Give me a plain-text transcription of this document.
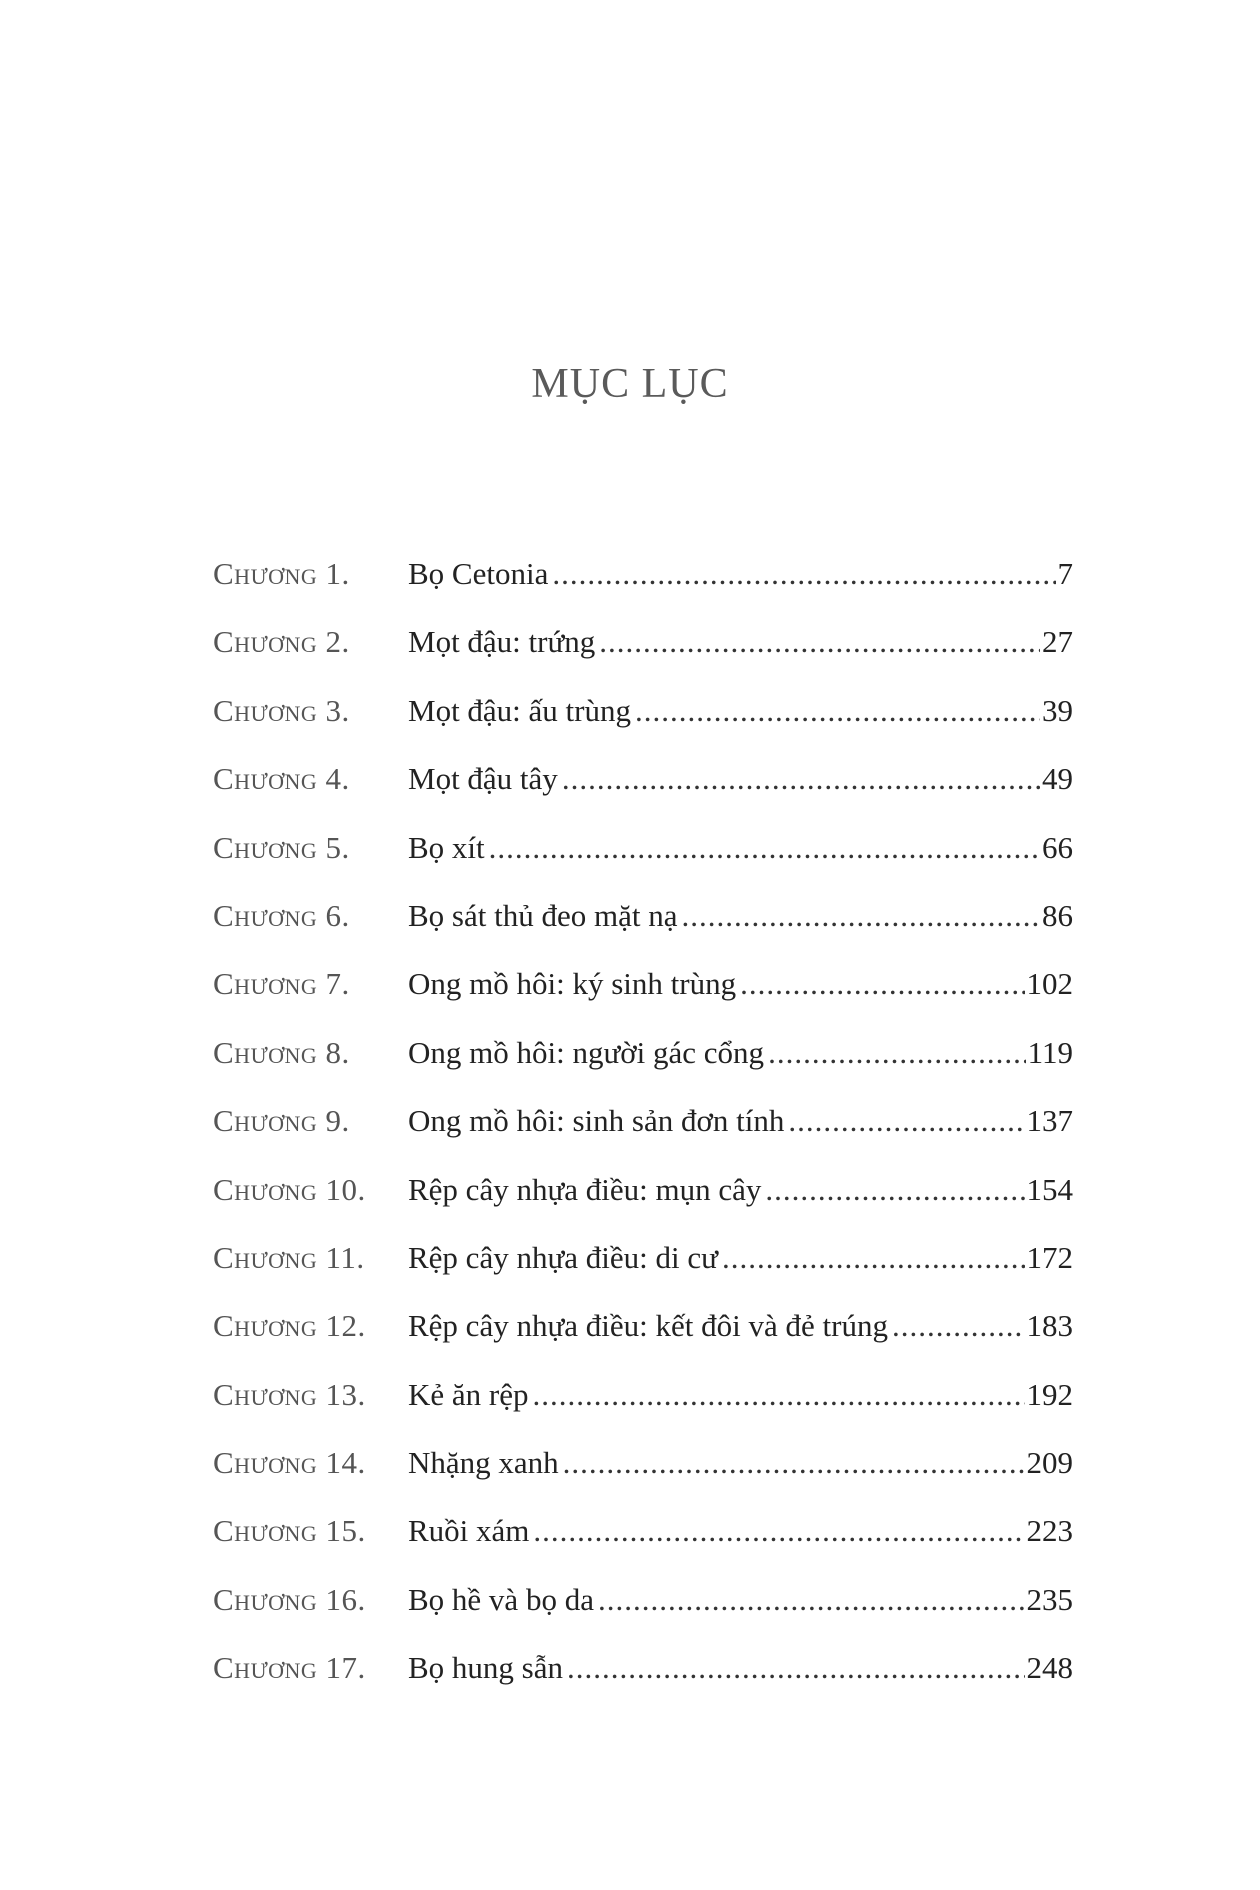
MỤC LỤC
Chương 1.	Bọ Cetonia .....	7
Chương 2.	Mọt đậu: trứng .....	27
Chương 3.	Mọt đậu: ấu trùng .....	39
Chương 4.	Mọt đậu tây .....	49
Chương 5.	Bọ xít .....	66
Chương 6.	Bọ sát thủ đeo mặt nạ .....	86
Chương 7.	Ong mồ hôi: ký sinh trùng .....	102
Chương 8.	Ong mồ hôi: người gác cổng .....	119
Chương 9.	Ong mồ hôi: sinh sản đơn tính .....	137
Chương 10.	Rệp cây nhựa điều: mụn cây .....	154
Chương 11.	Rệp cây nhựa điều: di cư .....	172
Chương 12.	Rệp cây nhựa điều: kết đôi và đẻ trúng .....	183
Chương 13.	Kẻ ăn rệp .....	192
Chương 14.	Nhặng xanh .....	209
Chương 15.	Ruồi xám .....	223
Chương 16.	Bọ hề và bọ da .....	235
Chương 17.	Bọ hung sẫn .....	248
